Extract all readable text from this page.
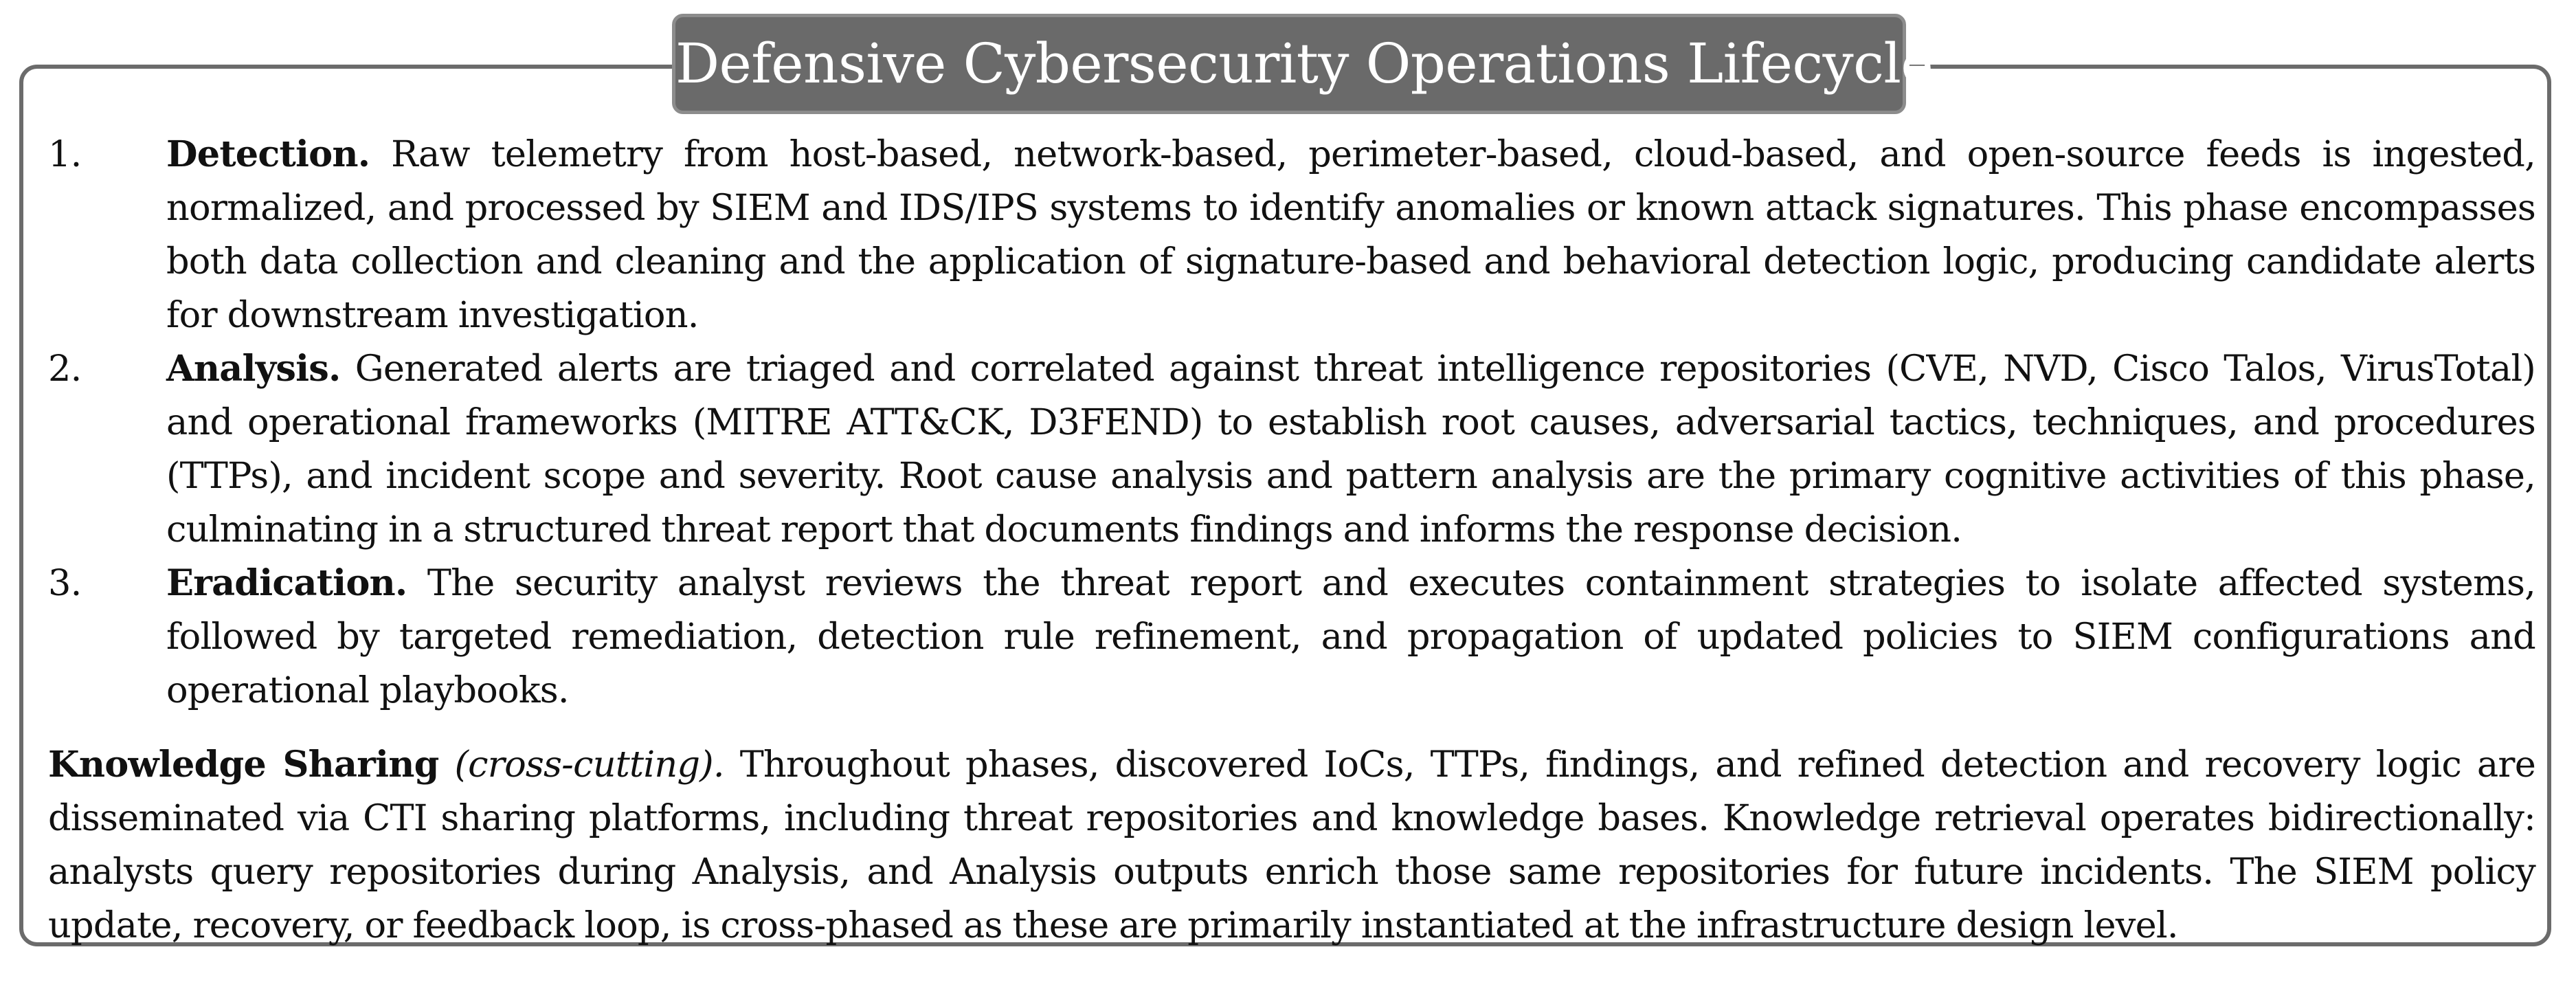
Defensive Cybersecurity Operations Lifecycle
1. Detection. Raw telemetry from host-based, network-based, perimeter-based, cloud-based, and open-source feeds is ingested, normalized, and processed by SIEM and IDS/IPS systems to identify anomalies or known attack signatures. This phase encompasses both data collection and cleaning and the application of signature-based and behavioral detection logic, producing candidate alerts for downstream investigation.
2. Analysis. Generated alerts are triaged and correlated against threat intelligence repositories (CVE, NVD, Cisco Talos, VirusTotal) and operational frameworks (MITRE ATT&CK, D3FEND) to establish root causes, adversarial tactics, techniques, and procedures (TTPs), and incident scope and severity. Root cause analysis and pattern analysis are the primary cognitive activities of this phase, culminating in a structured threat report that documents findings and informs the response decision.
3. Eradication. The security analyst reviews the threat report and executes containment strategies to isolate affected systems, followed by targeted remediation, detection rule refinement, and propagation of updated policies to SIEM configurations and operational playbooks.

Knowledge Sharing (cross-cutting). Throughout phases, discovered IoCs, TTPs, findings, and refined detection and recovery logic are disseminated via CTI sharing platforms, including threat repositories and knowledge bases. Knowledge retrieval operates bidirectionally: analysts query repositories during Analysis, and Analysis outputs enrich those same repositories for future incidents. The SIEM policy update, recovery, or feedback loop, is cross-phased as these are primarily instantiated at the infrastructure design level.
